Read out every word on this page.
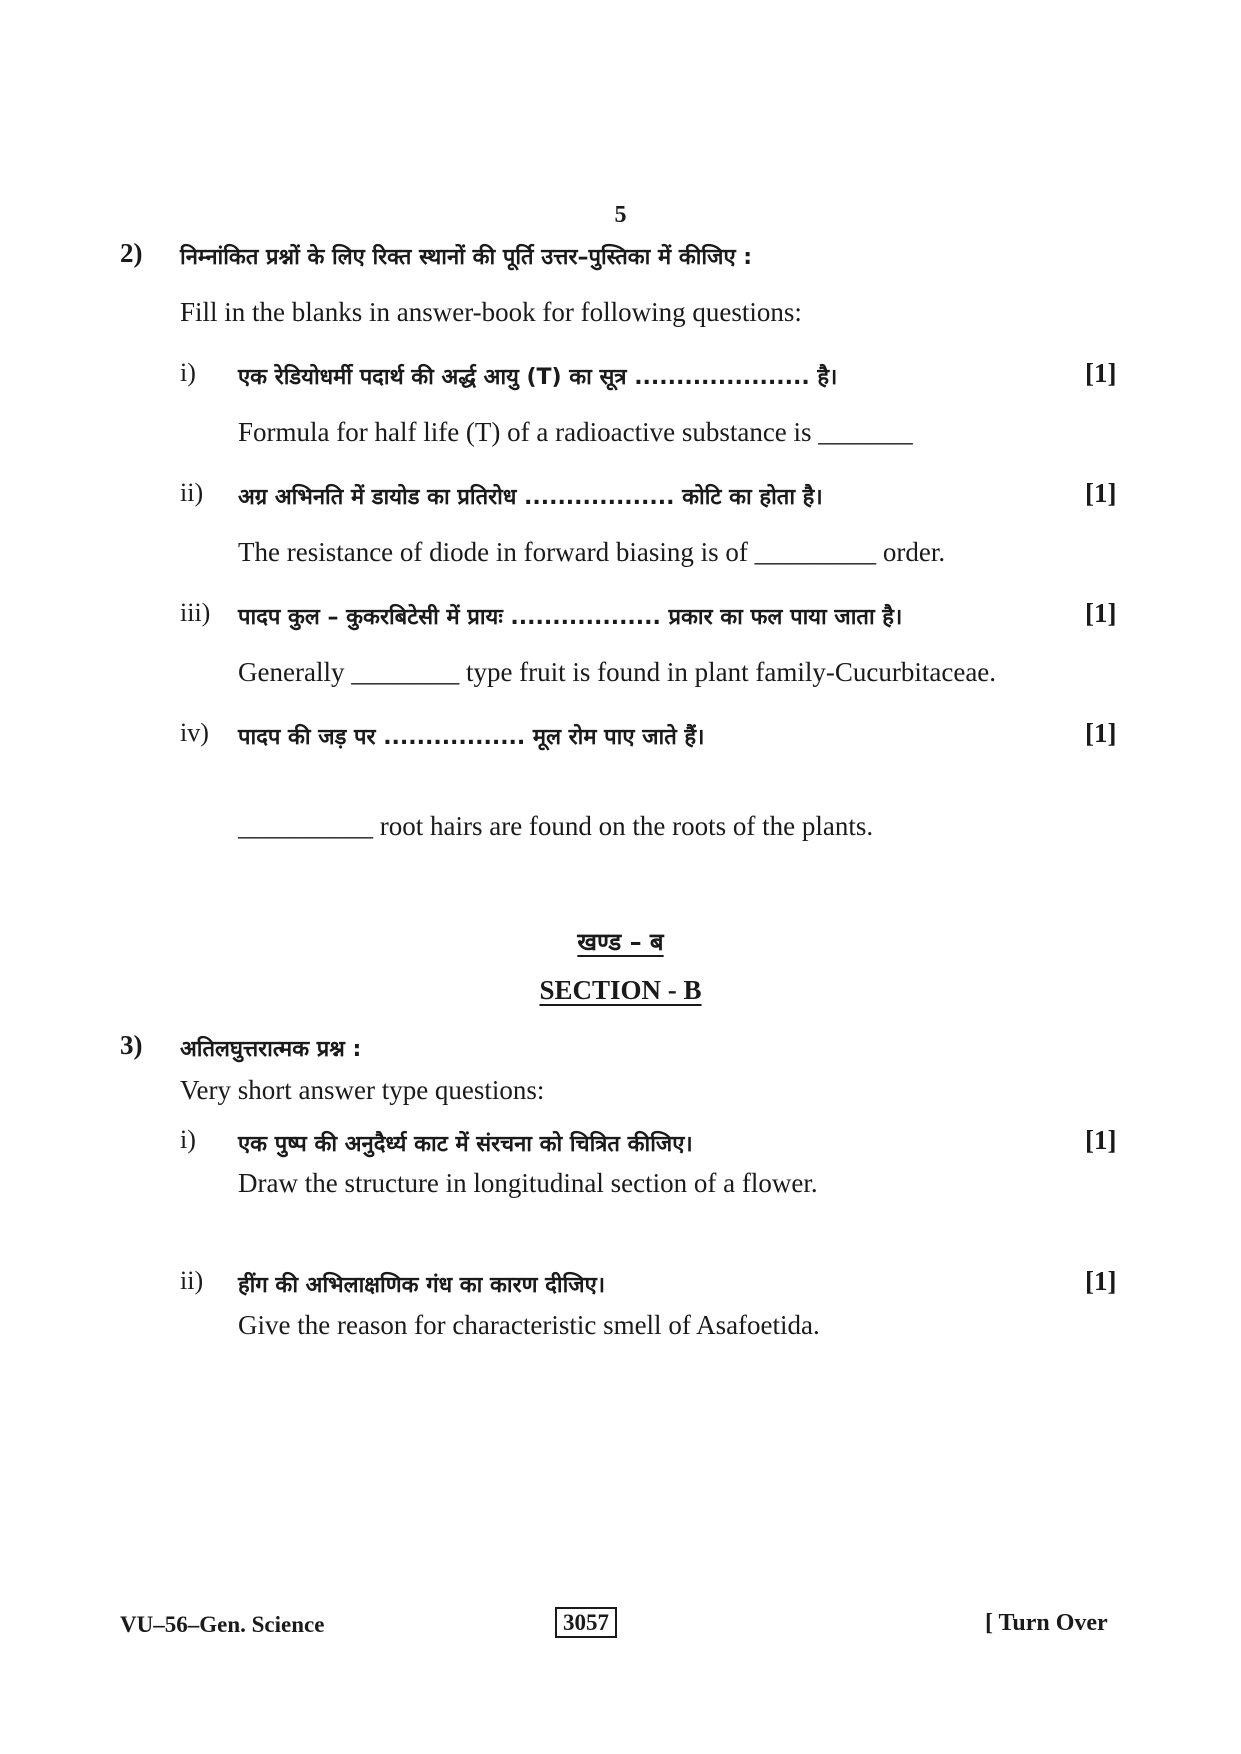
5
2) निम्नांकित प्रश्नों के लिए रिक्त स्थानों की पूर्ति उत्तर–पुस्तिका में कीजिए :
Fill in the blanks in answer-book for following questions:
i) एक रेडियोधर्मी पदार्थ की अर्द्ध आयु (T) का सूत्र ..................... है।	[1]
Formula for half life (T) of a radioactive substance is _______
ii) अग्र अभिनति में डायोड का प्रतिरोध .................. कोटि का होता है।	[1]
The resistance of diode in forward biasing is of _________ order.
iii) पादप कुल – कुकरबिटेसी में प्रायः .................. प्रकार का फल पाया जाता है।	[1]
Generally ________ type fruit is found in plant family-Cucurbitaceae.
iv) पादप की जड़ पर ................. मूल रोम पाए जाते हैं।	[1]
__________ root hairs are found on the roots of the plants.
खण्ड – ब
SECTION - B
3) अतिलघुत्तरात्मक प्रश्न :
Very short answer type questions:
i) एक पुष्प की अनुदैर्ध्य काट में संरचना को चित्रित कीजिए।	[1]
Draw the structure in longitudinal section of a flower.
ii) हींग की अभिलाक्षणिक गंध का कारण दीजिए।	[1]
Give the reason for characteristic smell of Asafoetida.
VU–56–Gen. Science	3057	[ Turn Over
